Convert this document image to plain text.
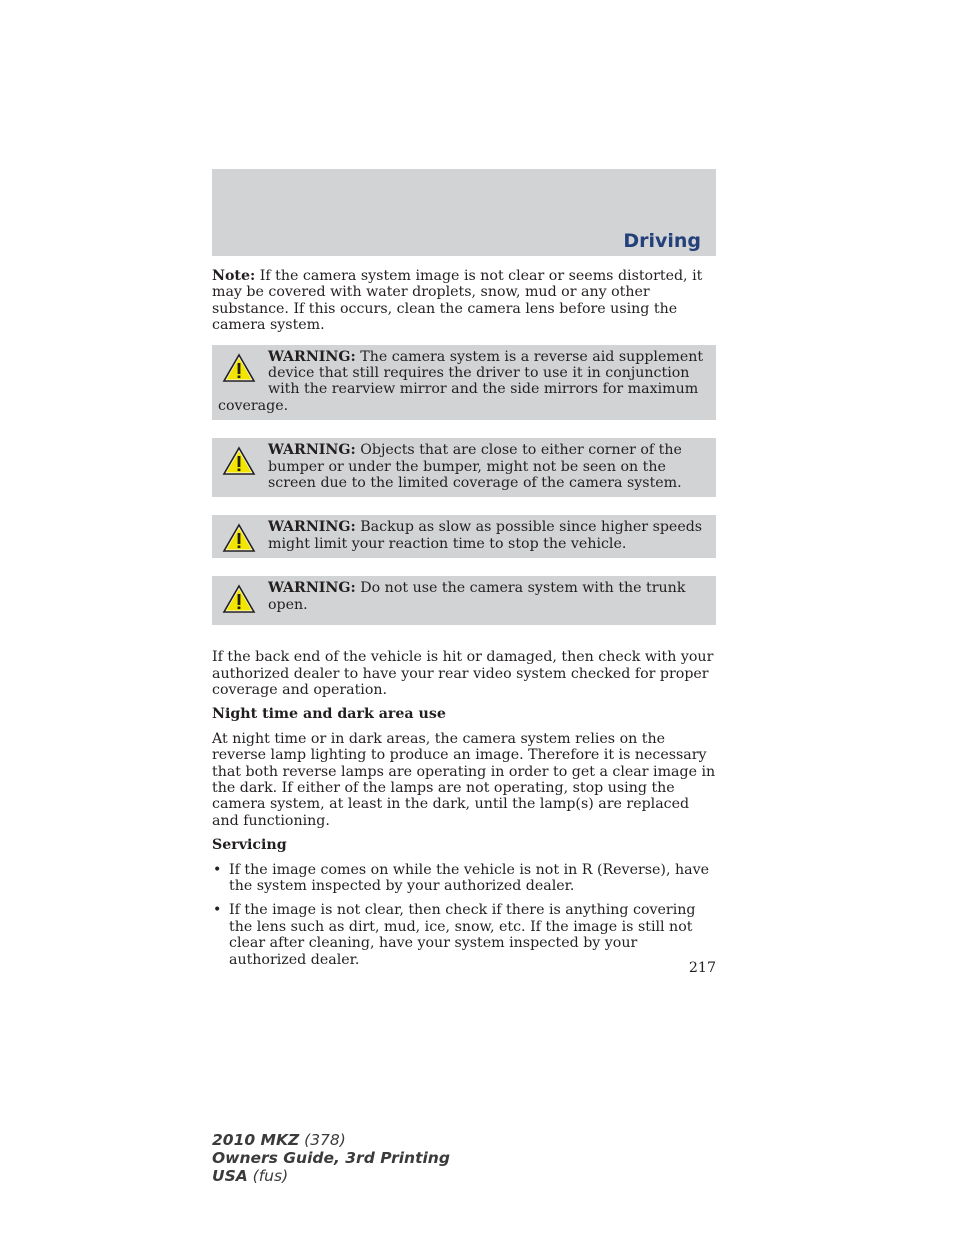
Driving

Note: If the camera system image is not clear or seems distorted, it may be covered with water droplets, snow, mud or any other substance. If this occurs, clean the camera lens before using the camera system.

WARNING: The camera system is a reverse aid supplement device that still requires the driver to use it in conjunction with the rearview mirror and the side mirrors for maximum coverage.
WARNING: Objects that are close to either corner of the bumper or under the bumper, might not be seen on the screen due to the limited coverage of the camera system.
WARNING: Backup as slow as possible since higher speeds might limit your reaction time to stop the vehicle.
WARNING: Do not use the camera system with the trunk open.

If the back end of the vehicle is hit or damaged, then check with your authorized dealer to have your rear video system checked for proper coverage and operation.

Night time and dark area use

At night time or in dark areas, the camera system relies on the reverse lamp lighting to produce an image. Therefore it is necessary that both reverse lamps are operating in order to get a clear image in the dark. If either of the lamps are not operating, stop using the camera system, at least in the dark, until the lamp(s) are replaced and functioning.

Servicing

• If the image comes on while the vehicle is not in R (Reverse), have the system inspected by your authorized dealer.
• If the image is not clear, then check if there is anything covering the lens such as dirt, mud, ice, snow, etc. If the image is still not clear after cleaning, have your system inspected by your authorized dealer.
217
2010 MKZ (378)
Owners Guide, 3rd Printing
USA (fus)
